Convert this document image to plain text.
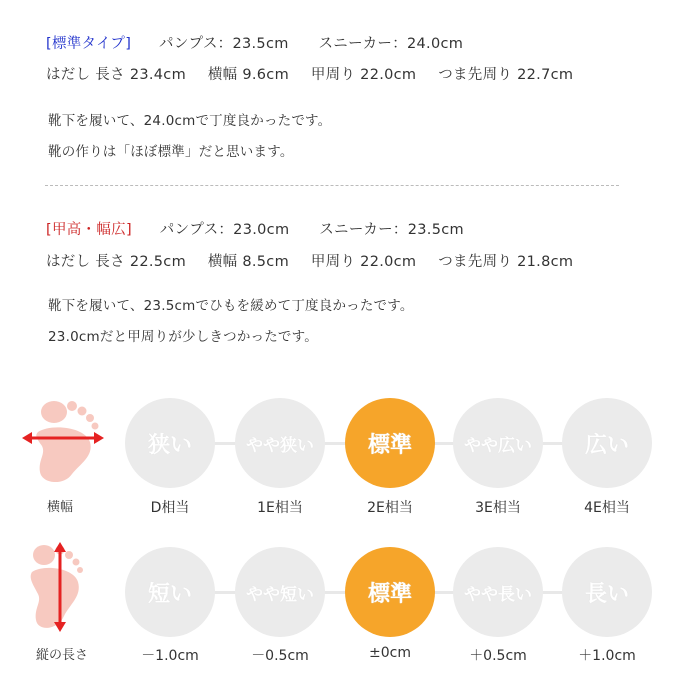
[標準タイプ] パンプス：23.5cm スニーカー：24.0cm
はだし 長さ 23.4cm 横幅 9.6cm 甲周り 22.0cm つま先周り 22.7cm
靴下を履いて、24.0cmで丁度良かったです。
靴の作りは「ほぼ標準」だと思います。
[甲高・幅広] パンプス：23.0cm スニーカー：23.5cm
はだし 長さ 22.5cm 横幅 8.5cm 甲周り 22.0cm つま先周り 21.8cm
靴下を履いて、23.5cmでひもを緩めて丁度良かったです。
23.0cmだと甲周りが少しきつかったです。
横幅
狭い	やや狭い 標準	やや広い 広い
D相当	1E相当	2E相当	3E相当	4E相当
縦の長さ
短い	やや短い 標準	やや長い 長い
－1.0cm	－0.5cm	±0cm	＋0.5cm	＋1.0cm
